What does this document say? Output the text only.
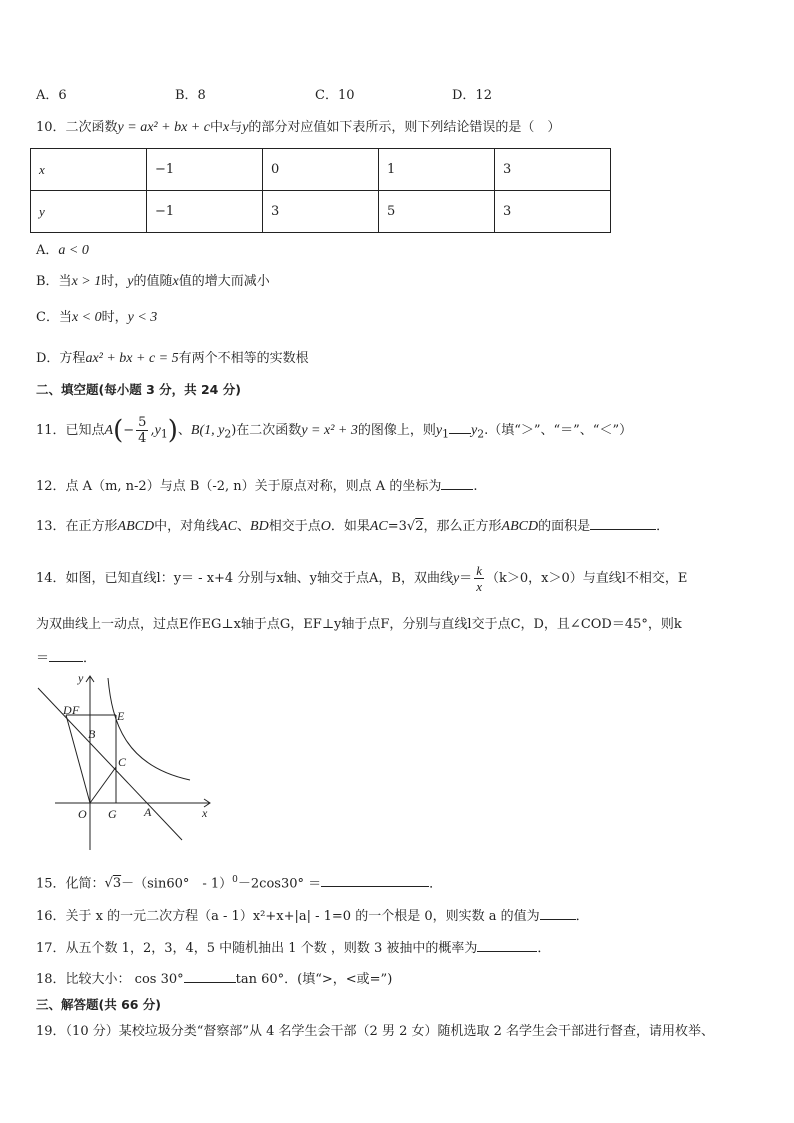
A．6	B．8	C．10	D．12
10．二次函数y = ax² + bx + c中x与y的部分对应值如下表所示，则下列结论错误的是（　）
x	−1	0	1	3
y	−1	3	5	3
A．a < 0
B．当x > 1时，y的值随x值的增大而减小
C．当x < 0时，y < 3
D．方程ax² + bx + c = 5有两个不相等的实数根
二、填空题(每小题 3 分，共 24 分)
11．已知点$A(- \frac{5}{4} ,y_1)$、B(1, $y_2$)在二次函数y = x² + 3的图像上，则$y_1$ $y_2$.（填“＞”、“＝”、“＜”）
12．点 A（m, n-2）与点 B（-2, n）关于原点对称，则点 A 的坐标为 .
13．在正方形ABCD中，对角线AC、BD相交于点O．如果AC=3√2，那么正方形ABCD的面积是	．
14．如图，已知直线l：y＝ - x+4 分别与x轴、y轴交于点A，B，双曲线$y= \frac{k}{x} (k>0$，x＞0）与直线l不相交，E
为双曲线上一动点，过点E作EG⊥x轴于点G，EF⊥y轴于点F，分别与直线l交于点C，D，且∠COD＝45°，则k
＝	．
y
x
D F	E
B
C
O G A
15．化简：√3－（sin60°　- 1）$^0$－2cos30° ＝	．
16．关于 x 的一元二次方程（a - 1）x²+x+|a| - 1=0 的一个根是 0，则实数 a 的值为	．
17．从五个数 1，2，3，4，5 中随机抽出 1 个数 ，则数 3 被抽中的概率为	．
18．比较大小： cos 30°	tan 60°．(填“>，<或=”)
三、解答题(共 66 分)
19．（10 分）某校垃圾分类“督察部”从 4 名学生会干部（2 男 2 女）随机选取 2 名学生会干部进行督查，请用枚举、
